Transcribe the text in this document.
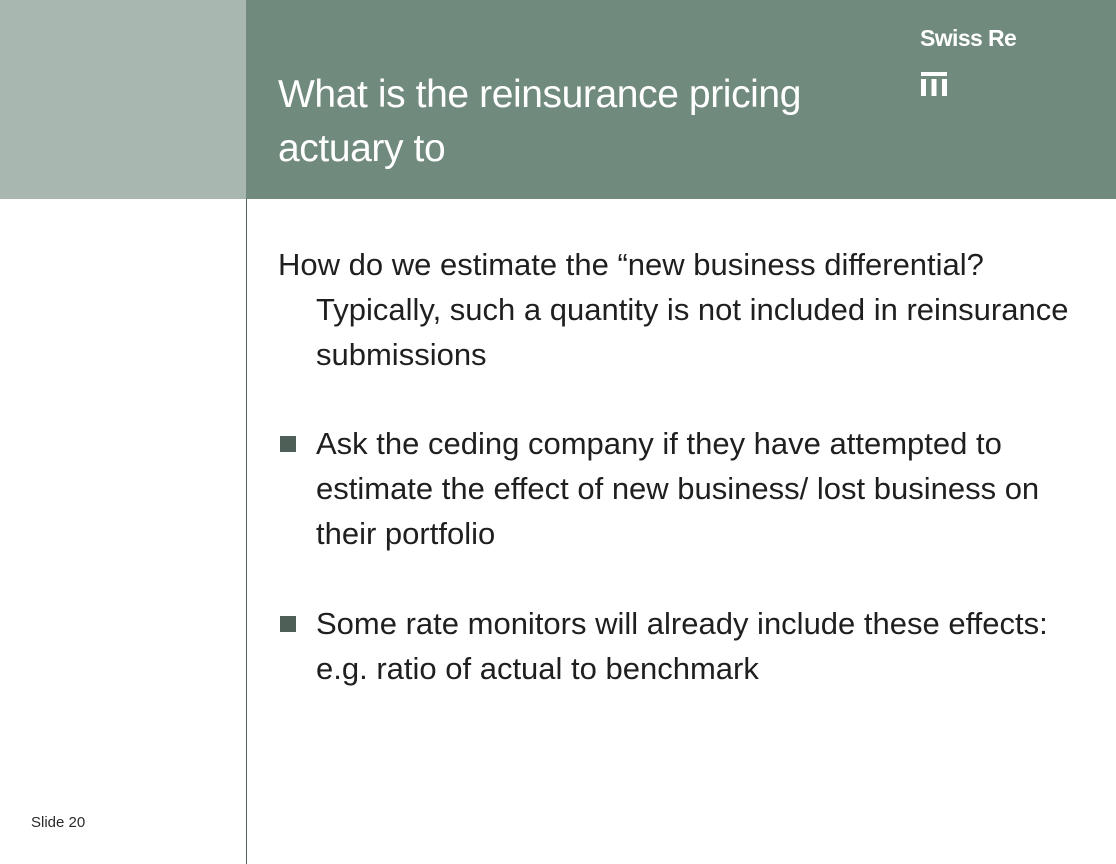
What is the reinsurance pricing actuary to
Swiss Re

How do we estimate the “new business differential? Typically, such a quantity is not included in reinsurance submissions

Ask the ceding company if they have attempted to estimate the effect of new business/ lost business on their portfolio
Some rate monitors will already include these effects: e.g. ratio of actual to benchmark
Slide 20
